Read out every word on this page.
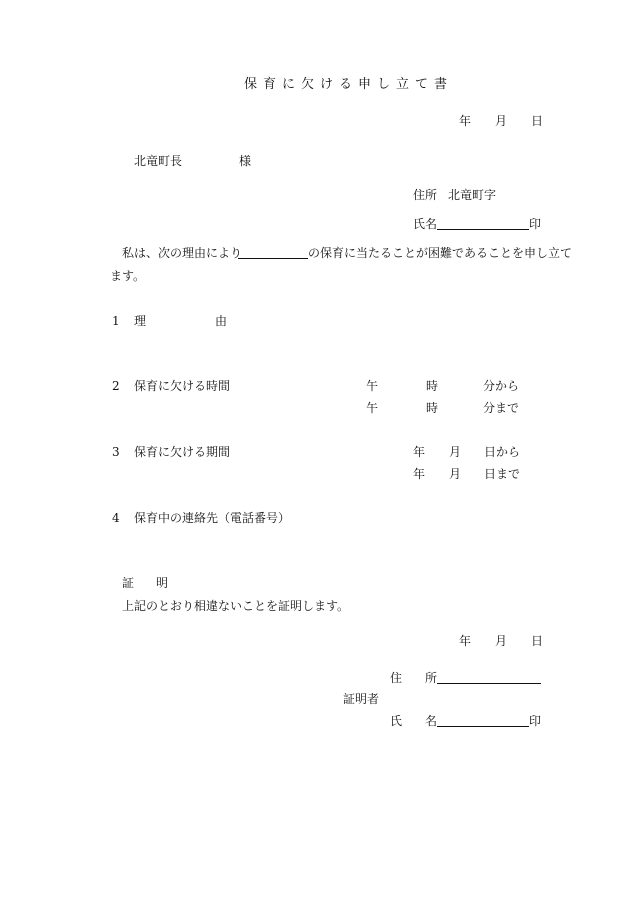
保育に欠ける申し立て書
年 月 日
北竜町長	様
住所 北竜町字
氏名	印
私は、次の理由により	の保育に当たることが困難であることを申し立て
ます。
1 理	由
2 保育に欠ける時間	午	時	分から
午	時	分まで
3 保育に欠ける期間	年 月 日から
年 月 日まで
4 保育中の連絡先（電話番号）
証 明
上記のとおり相違ないことを証明します。
年 月 日
住 所
証明者
氏 名	印
